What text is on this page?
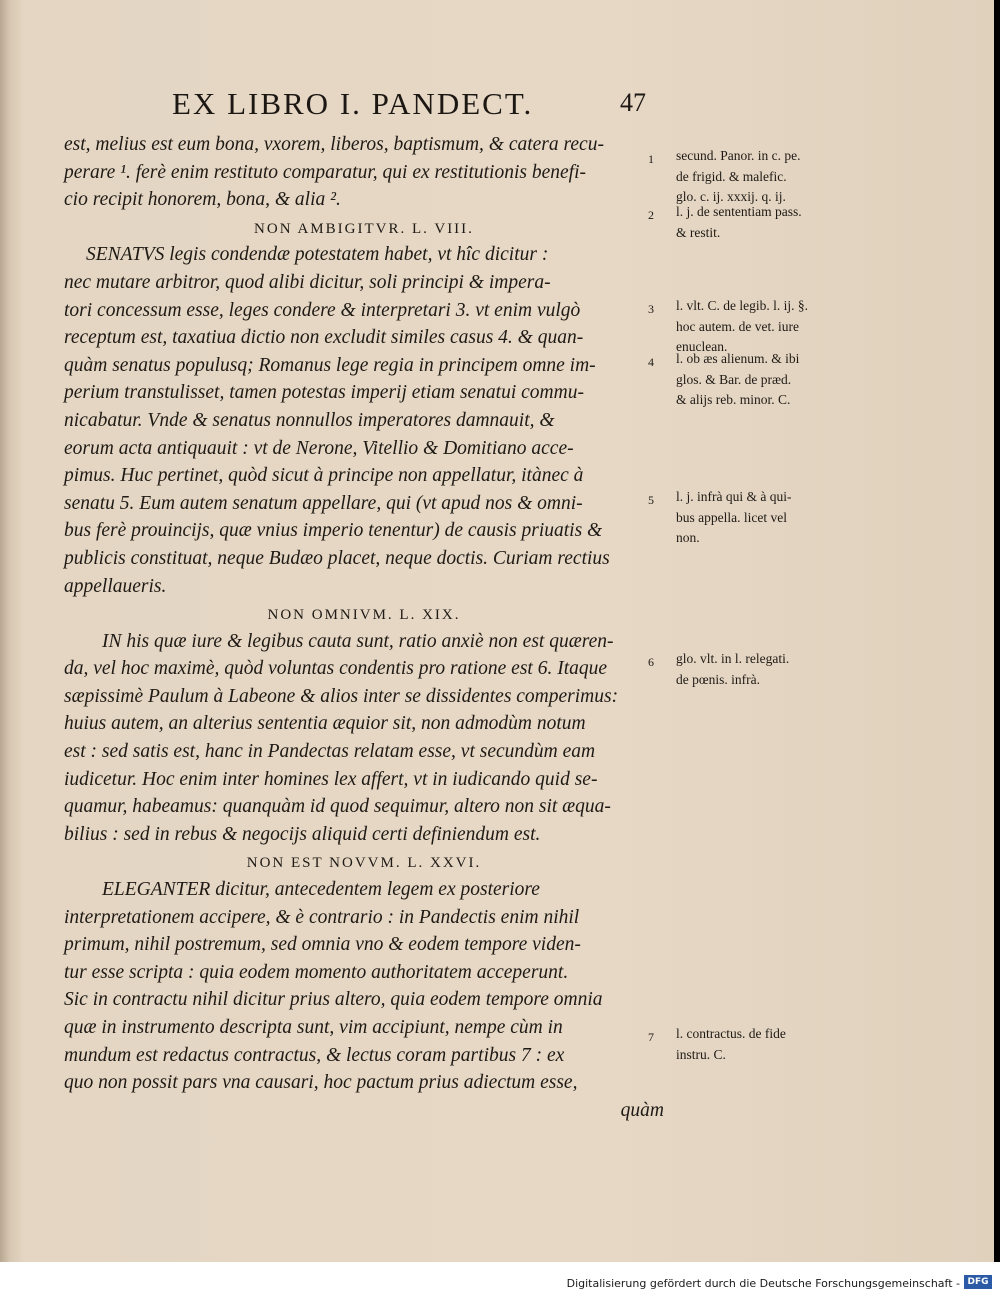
EX LIBRO I. PANDECT.	47
est, melius est eum bona, vxorem, liberos, baptismum, & catera recu-
perare ¹. ferè enim restituto comparatur, qui ex restitutionis benefi-
cio recipit honorem, bona, & alia ².
NON AMBIGITVR. L. VIII.
SENATVS legis condendæ potestatem habet, vt hîc dicitur :
nec mutare arbitror, quod alibi dicitur, soli principi & impera-
tori concessum esse, leges condere & interpretari 3. vt enim vulgò
receptum est, taxatiua dictio non excludit similes casus 4. & quan-
quàm senatus populusq; Romanus lege regia in principem omne im-
perium transtulisset, tamen potestas imperij etiam senatui commu-
nicabatur. Vnde & senatus nonnullos imperatores damnauit, &
eorum acta antiquauit : vt de Nerone, Vitellio & Domitiano acce-
pimus. Huc pertinet, quòd sicut à principe non appellatur, itànec à
senatu 5. Eum autem senatum appellare, qui (vt apud nos & omni-
bus ferè prouincijs, quæ vnius imperio tenentur) de causis priuatis &
publicis constituat, neque Budæo placet, neque doctis. Curiam rectius
appellaueris.
NON OMNIVM. L. XIX.
IN his quæ iure & legibus cauta sunt, ratio anxiè non est quæren-
da, vel hoc maximè, quòd voluntas condentis pro ratione est 6. Itaque
sæpissimè Paulum à Labeone & alios inter se dissidentes comperimus:
huius autem, an alterius sententia æquior sit, non admodùm notum
est : sed satis est, hanc in Pandectas relatam esse, vt secundùm eam
iudicetur. Hoc enim inter homines lex affert, vt in iudicando quid se-
quamur, habeamus: quanquàm id quod sequimur, altero non sit æqua-
bilius : sed in rebus & negocijs aliquid certi definiendum est.
NON EST NOVVM. L. XXVI.
ELEGANTER dicitur, antecedentem legem ex posteriore
interpretationem accipere, & è contrario : in Pandectis enim nihil
primum, nihil postremum, sed omnia vno & eodem tempore viden-
tur esse scripta : quia eodem momento authoritatem acceperunt.
Sic in contractu nihil dicitur prius altero, quia eodem tempore omnia
quæ in instrumento descripta sunt, vim accipiunt, nempe cùm in
mundum est redactus contractus, & lectus coram partibus 7 : ex
quo non possit pars vna causari, hoc pactum prius adiectum esse,
quàm
1 secund. Panor. in c. pe.
de frigid. & malefic.
glo. c. ij. xxxij. q. ij.
2 l. j. de sententiam pass.
& restit.
3 l. vlt. C. de legib. l. ij. §.
hoc autem. de vet. iure
enuclean.
4 l. ob æs alienum. & ibi
glos. & Bar. de præd.
& alijs reb. minor. C.
5 l. j. infrà qui & à qui-
bus appella. licet vel
non.
6 glo. vlt. in l. relegati.
de pœnis. infrà.
7 l. contractus. de fide
instru. C.
Digitalisierung gefördert durch die Deutsche Forschungsgemeinschaft - DFG
